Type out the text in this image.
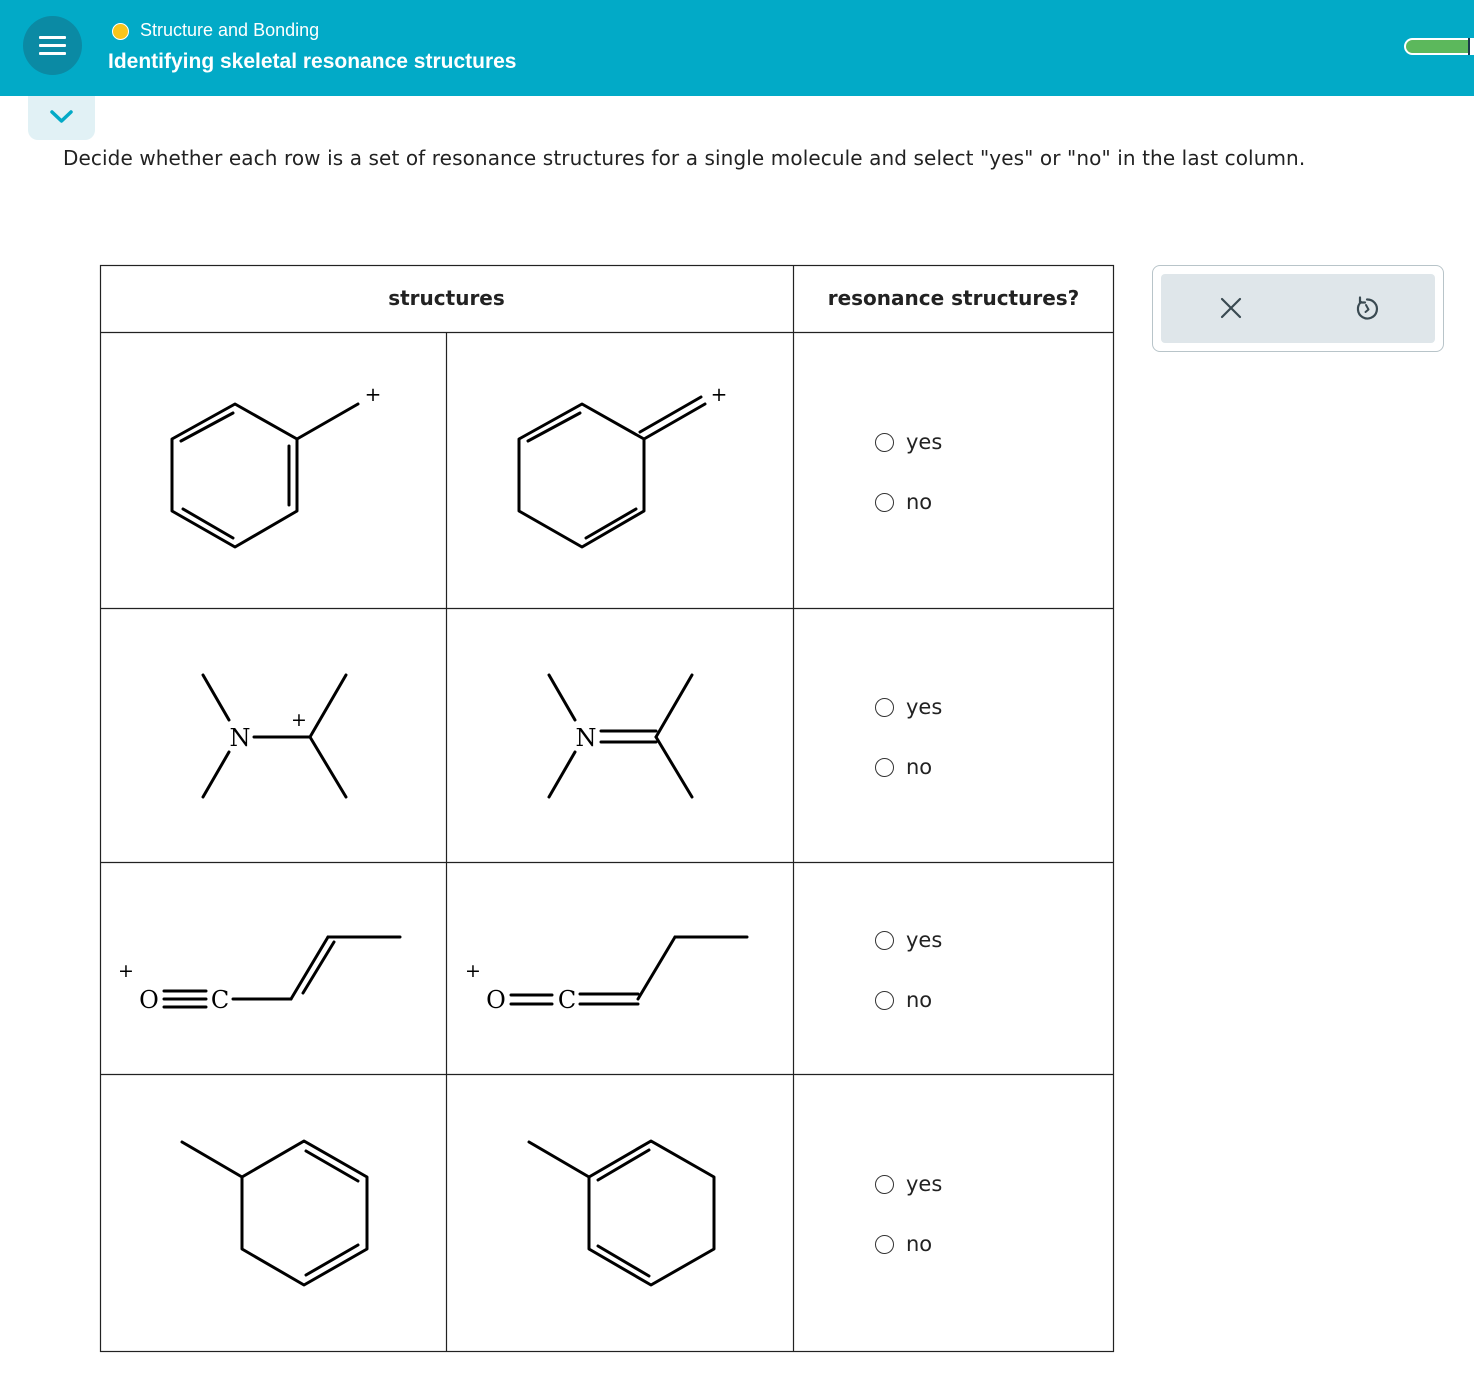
Structure and Bonding
Identifying skeletal resonance structures
Decide whether each row is a set of resonance structures for a single molecule and select "yes" or "no" in the last column.
structures	resonance structures?
+	+
N
+
N
+
O C
+
O C
yes
no
yes
no
yes
no
yes
no
